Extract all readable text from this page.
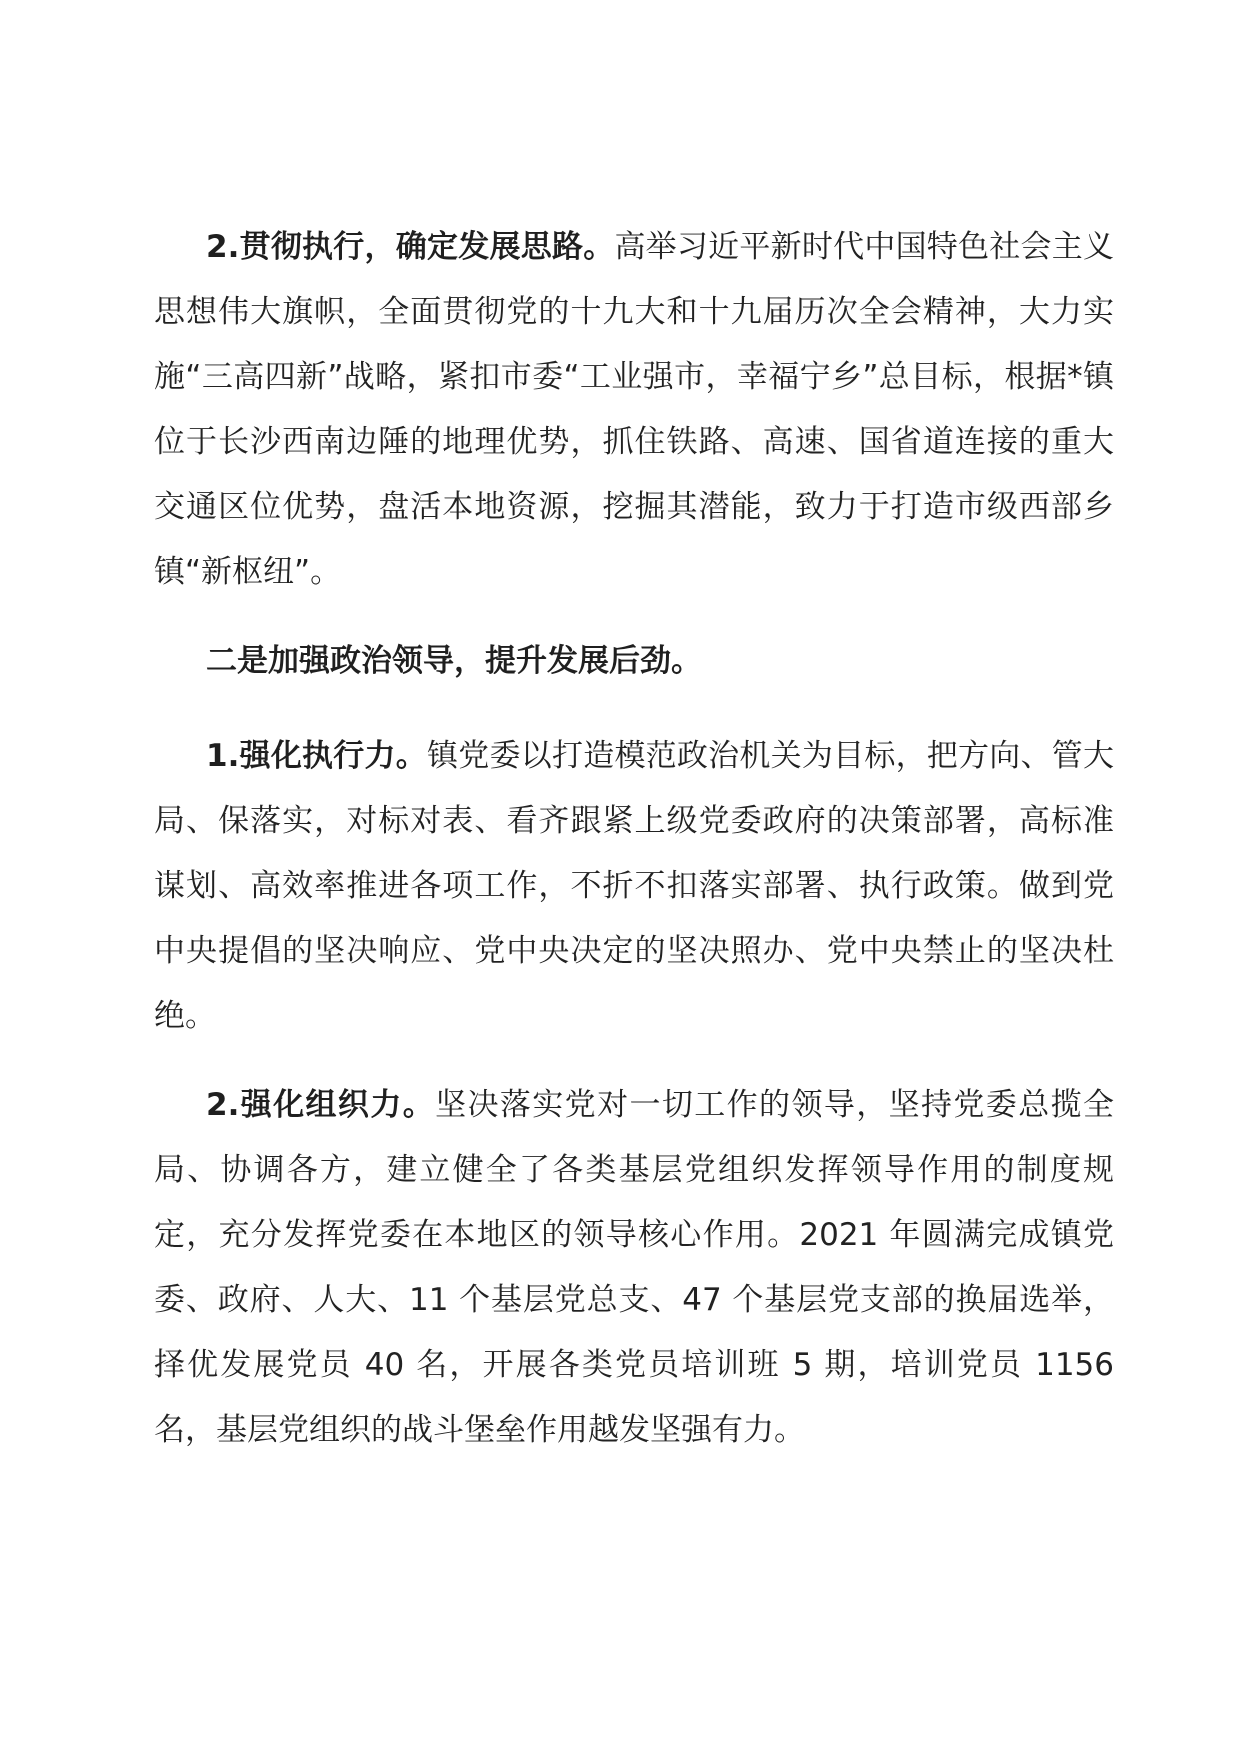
2.贯彻执行，确定发展思路。高举习近平新时代中国特色社会主义思想伟大旗帜，全面贯彻党的十九大和十九届历次全会精神，大力实施“三高四新”战略，紧扣市委“工业强市，幸福宁乡”总目标，根据*镇位于长沙西南边陲的地理优势，抓住铁路、高速、国省道连接的重大交通区位优势，盘活本地资源，挖掘其潜能，致力于打造市级西部乡镇“新枢纽”。

二是加强政治领导，提升发展后劲。

1.强化执行力。镇党委以打造模范政治机关为目标，把方向、管大局、保落实，对标对表、看齐跟紧上级党委政府的决策部署，高标准谋划、高效率推进各项工作，不折不扣落实部署、执行政策。做到党中央提倡的坚决响应、党中央决定的坚决照办、党中央禁止的坚决杜绝。

2.强化组织力。坚决落实党对一切工作的领导，坚持党委总揽全局、协调各方，建立健全了各类基层党组织发挥领导作用的制度规定，充分发挥党委在本地区的领导核心作用。2021 年圆满完成镇党委、政府、人大、11 个基层党总支、47 个基层党支部的换届选举，择优发展党员 40 名，开展各类党员培训班 5 期，培训党员 1156 名，基层党组织的战斗堡垒作用越发坚强有力。
